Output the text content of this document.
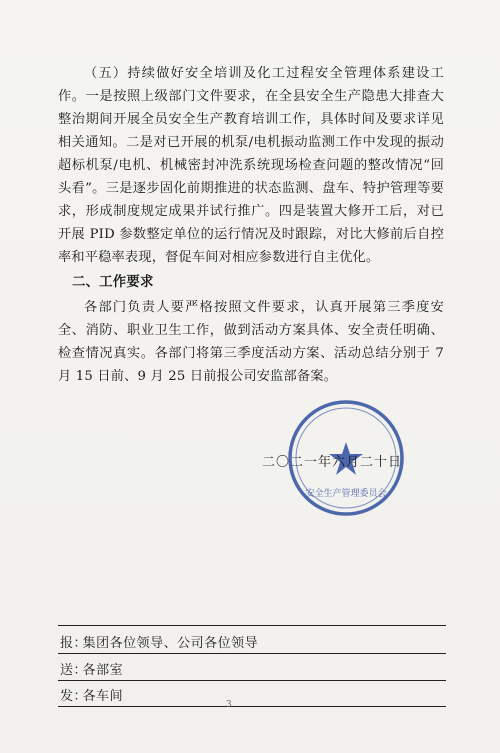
（五）持续做好安全培训及化工过程安全管理体系建设工作。一是按照上级部门文件要求，在全县安全生产隐患大排查大整治期间开展全员安全生产教育培训工作，具体时间及要求详见相关通知。二是对已开展的机泵/电机振动监测工作中发现的振动超标机泵/电机、机械密封冲洗系统现场检查问题的整改情况“回头看”。三是逐步固化前期推进的状态监测、盘车、特护管理等要求，形成制度规定成果并试行推广。四是装置大修开工后，对已开展 PID 参数整定单位的运行情况及时跟踪，对比大修前后自控率和平稳率表现，督促车间对相应参数进行自主优化。

二、工作要求

各部门负责人要严格按照文件要求，认真开展第三季度安全、消防、职业卫生工作，做到活动方案具体、安全责任明确、检查情况真实。各部门将第三季度活动方案、活动总结分别于 7 月 15 日前、9 月 25 日前报公司安监部备案。

安全生产管理委员会
二〇二一年六月二十日
报： 集团各位领导、公司各位领导
送： 各部室
发： 各车间
3
